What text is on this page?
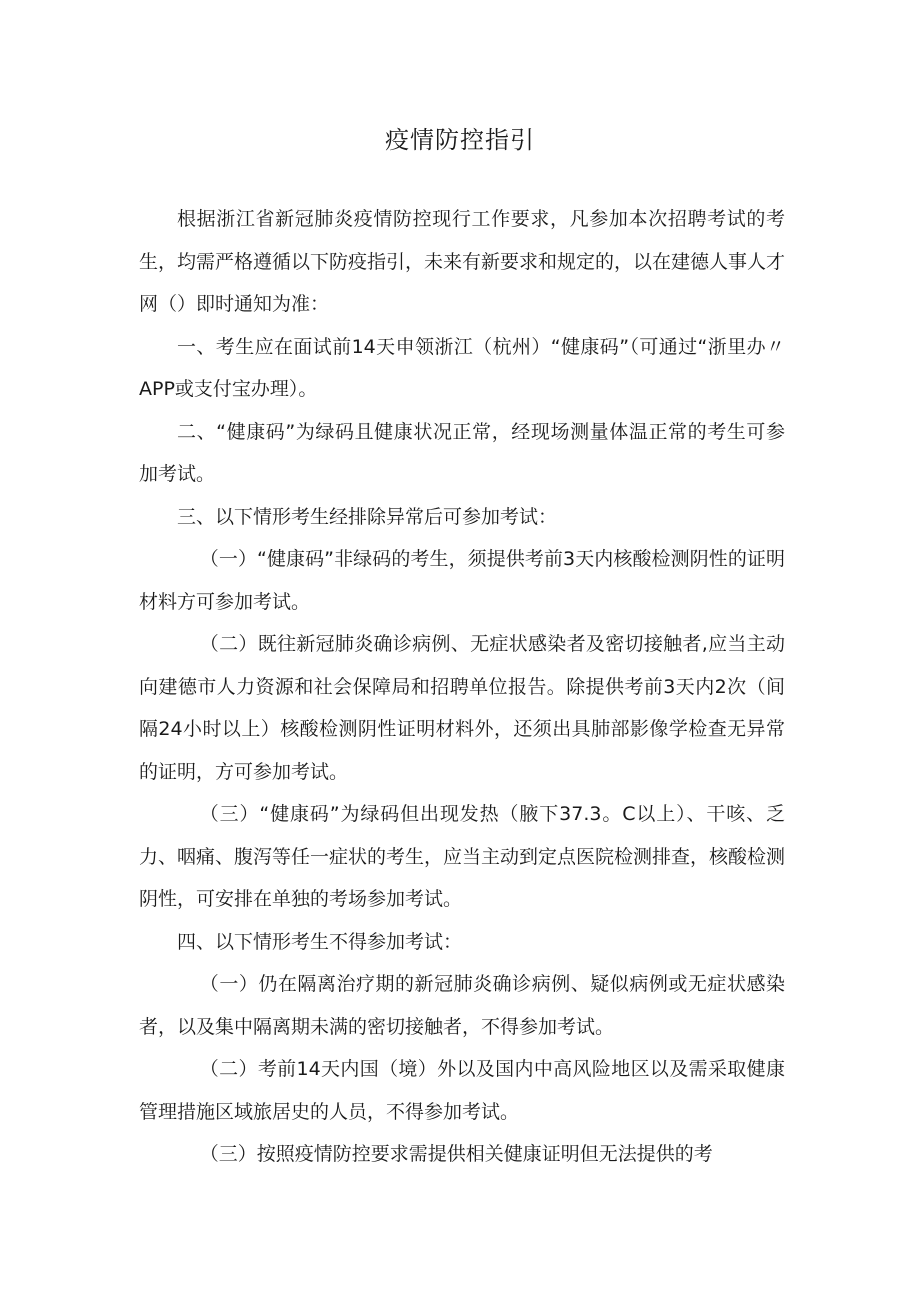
疫情防控指引

根据浙江省新冠肺炎疫情防控现行工作要求，凡参加本次招聘考试的考生，均需严格遵循以下防疫指引，未来有新要求和规定的，以在建德人事人才网（）即时通知为准：

一、考生应在面试前14天申领浙江（杭州）“健康码”（可通过“浙里办〃APP或支付宝办理）。

二、“健康码”为绿码且健康状况正常，经现场测量体温正常的考生可参加考试。

三、以下情形考生经排除异常后可参加考试：

（一）“健康码”非绿码的考生，须提供考前3天内核酸检测阴性的证明材料方可参加考试。

（二）既往新冠肺炎确诊病例、无症状感染者及密切接触者,应当主动向建德市人力资源和社会保障局和招聘单位报告。除提供考前3天内2次（间隔24小时以上）核酸检测阴性证明材料外，还须出具肺部影像学检查无异常的证明，方可参加考试。

（三）“健康码”为绿码但出现发热（腋下37.3。C以上）、干咳、乏力、咽痛、腹泻等任一症状的考生，应当主动到定点医院检测排查，核酸检测阴性，可安排在单独的考场参加考试。

四、以下情形考生不得参加考试：

（一）仍在隔离治疗期的新冠肺炎确诊病例、疑似病例或无症状感染者，以及集中隔离期未满的密切接触者，不得参加考试。

（二）考前14天内国（境）外以及国内中高风险地区以及需采取健康管理措施区域旅居史的人员，不得参加考试。

（三）按照疫情防控要求需提供相关健康证明但无法提供的考
